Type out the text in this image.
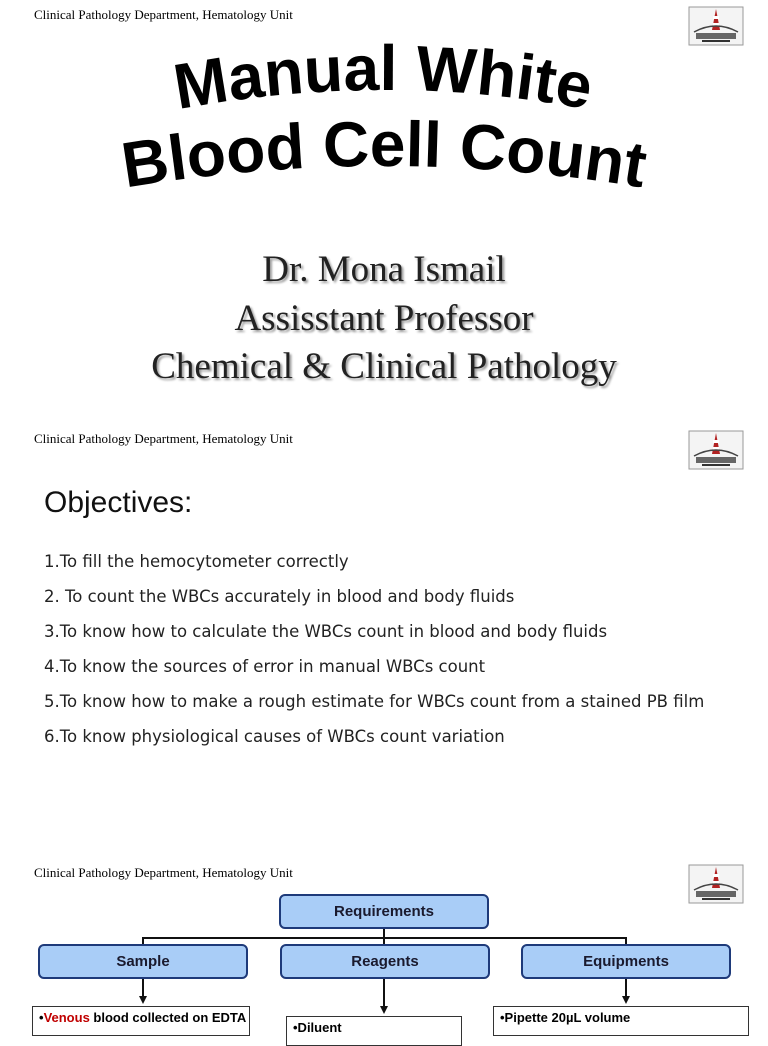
Clinical Pathology Department, Hematology Unit
Manual White
Blood Cell Count
Dr. Mona Ismail
Assisstant Professor
Chemical & Clinical Pathology
Clinical Pathology Department, Hematology Unit
Objectives:
1.To fill the hemocytometer correctly
2. To count the WBCs accurately in blood and body fluids
3.To know how to calculate the WBCs count in blood and body fluids
4.To know the sources of error in manual WBCs count
5.To know how to make a rough estimate for WBCs count from a stained PB film
6.To know physiological causes of WBCs count variation
Clinical Pathology Department, Hematology Unit
Requirements
Sample	Reagents	Equipments
•Venous blood collected on EDTA
•Diluent
•Pipette 20µL volume
